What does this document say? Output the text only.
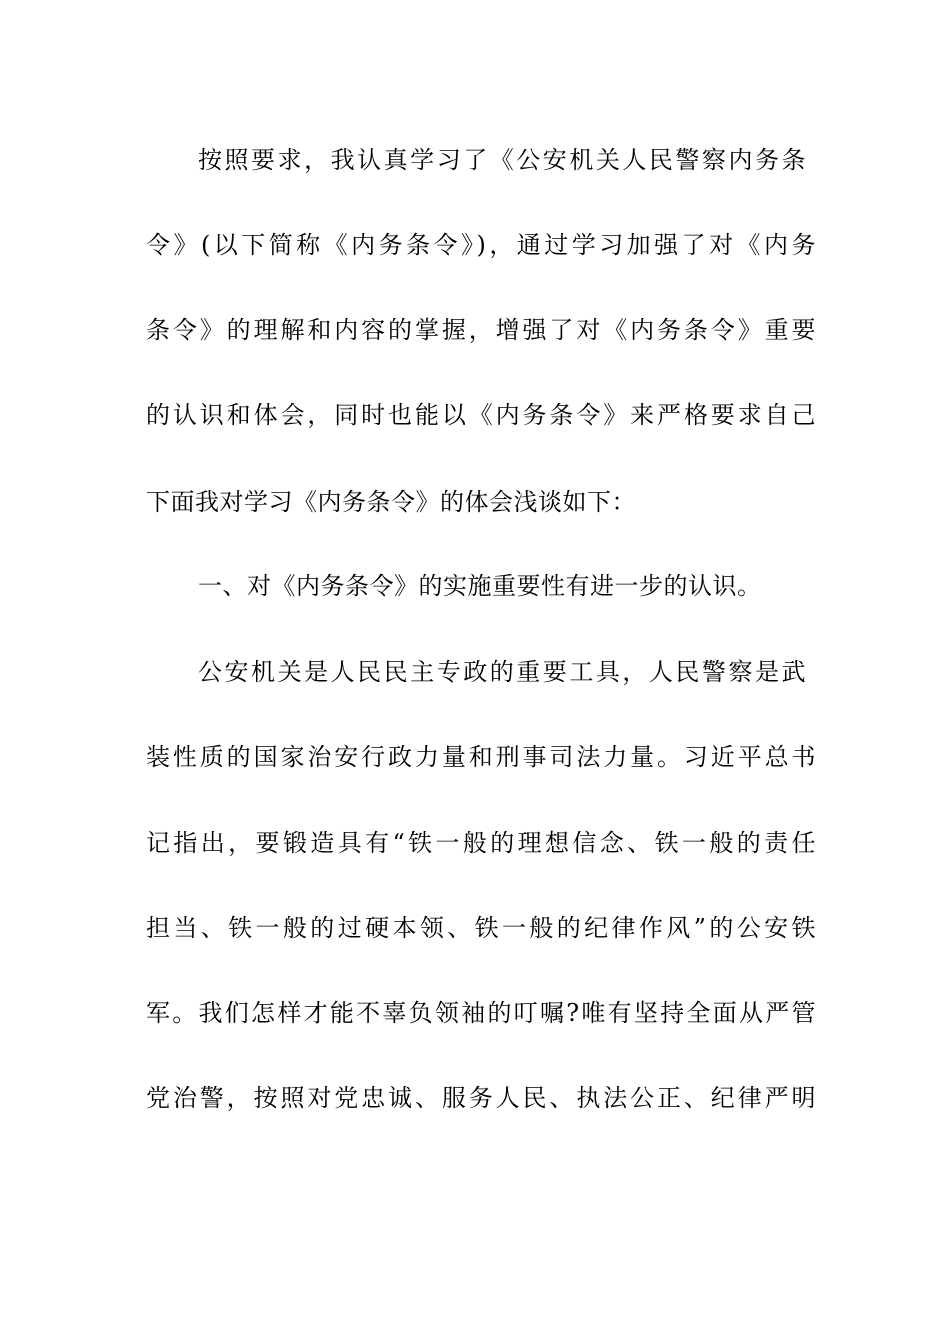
按照要求，我认真学习了《公安机关人民警察内务条
令》(以下简称《内务条令》)，通过学习加强了对《内务
条令》的理解和内容的掌握，增强了对《内务条令》重要
的认识和体会，同时也能以《内务条令》来严格要求自己
下面我对学习《内务条令》的体会浅谈如下：
一、对《内务条令》的实施重要性有进一步的认识。
公安机关是人民民主专政的重要工具，人民警察是武
装性质的国家治安行政力量和刑事司法力量。习近平总书
记指出，要锻造具有“铁一般的理想信念、铁一般的责任
担当、铁一般的过硬本领、铁一般的纪律作风”的公安铁
军。我们怎样才能不辜负领袖的叮嘱?唯有坚持全面从严管
党治警，按照对党忠诚、服务人民、执法公正、纪律严明
